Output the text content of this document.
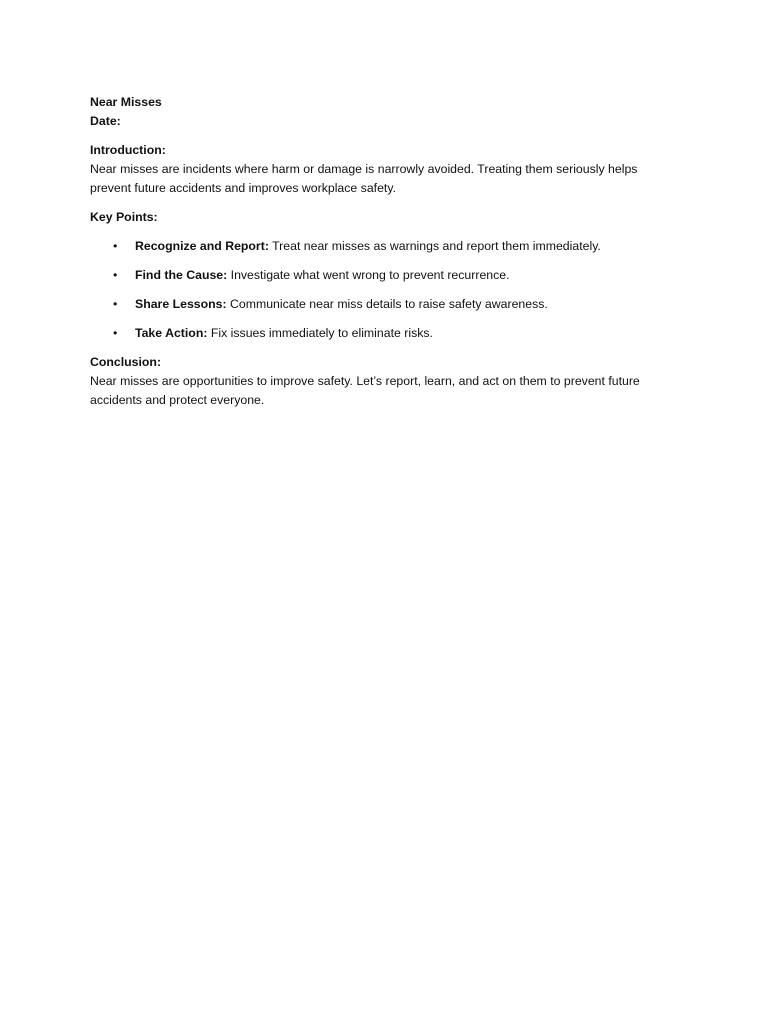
Near Misses

Date:

Introduction:

Near misses are incidents where harm or damage is narrowly avoided. Treating them seriously helps prevent future accidents and improves workplace safety.

Key Points:

• Recognize and Report: Treat near misses as warnings and report them immediately.
• Find the Cause: Investigate what went wrong to prevent recurrence.
• Share Lessons: Communicate near miss details to raise safety awareness.
• Take Action: Fix issues immediately to eliminate risks.

Conclusion:

Near misses are opportunities to improve safety. Let’s report, learn, and act on them to prevent future accidents and protect everyone.
